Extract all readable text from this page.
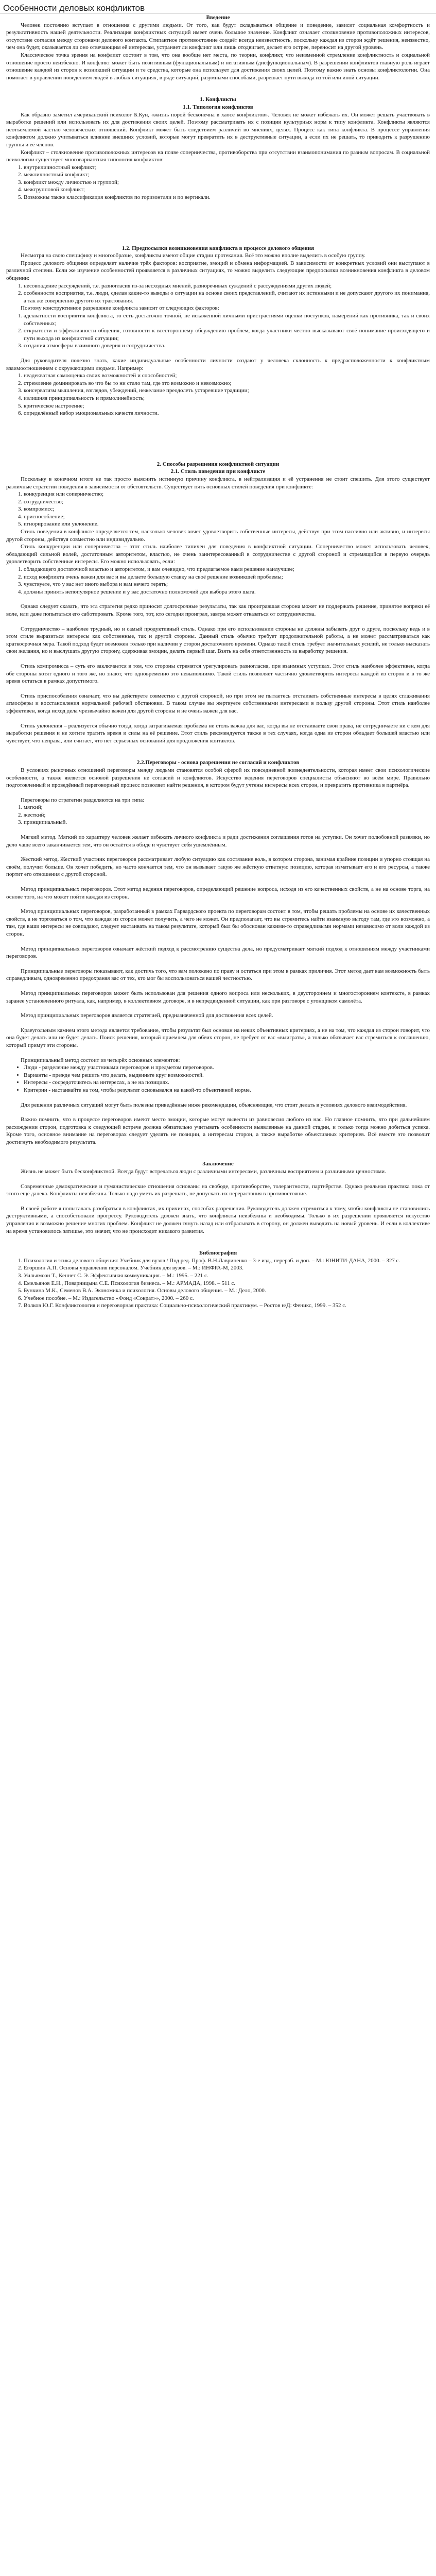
Особенности деловых конфликтов

Введение

Человек постоянно вступает в отношения с другими людьми. От того, как будут складываться общение и поведение, зависит социальная комфортность и результативность нашей деятельности. Реализация конфликтных ситуаций имеет очень большое значение. Конфликт означает столкновение противоположных интересов, отсутствие согласия между сторонами делового контакта. Стипактное противостояние создаёт всегда неизвестность, поскольку каждая из сторон ждёт решения, неизвестно, чем она будет, оказывается ли оно отвечающим её интересам, устраняет ли конфликт или лишь отодвигает, делает его острее, переносит на другой уровень.

Классическое точка зрения на конфликт состоит в том, что она вообще нет места, по теории, конфликт, что неизменной стремление конфликтность и социальной отношение просто неизбежно. И конфликт может быть позитивным (функциональным) и негативным (дисфункциональным). В разрешении конфликтов главную роль играет отношение каждой из сторон к возникшей ситуации и те средства, которые она использует для достижения своих целей. Поэтому важно знать основы конфликтологии. Она помогает в управлении поведением людей в любых ситуациях, в ряде ситуаций, разумными способами, разрешает пути выхода из той или иной ситуации.

1. Конфликты

1.1. Типология конфликтов

Как образно заметил американский психолог Б.Кун, «жизнь порой бесконечна в хаосе конфликтов». Человек не может избежать их. Он может решать участвовать в выработке решений или использовать их для достижения своих целей. Поэтому рассматривать их с позиции культурных норм к типу конфликта. Конфликты являются неотъемлемой частью человеческих отношений. Конфликт может быть следствием различий во мнениях, целях. Процесс как типа конфликта. В процессе управления конфликтом должно учитываться влияние внешних условий, которые могут превратить их в деструктивные ситуации, а если их не решать, то приводить к разрушению группы и её членов.

Конфликт – столкновение противоположных интересов на почве соперничества, противоборства при отсутствии взаимопонимания по разным вопросам. В социальной психологии существует многовариантная типология конфликтов:

1. внутриличностный конфликт;
2. межличностный конфликт;
3. конфликт между личностью и группой;
4. межгрупповой конфликт;
5. Возможны также классификация конфликтов по горизонтали и по вертикали.

1.2. Предпосылки возникновения конфликта в процессе делового общения

Несмотря на свою специфику и многообразие, конфликты имеют общие стадии протекания. Всё это можно вполне выделить в особую группу.

Процесс делового общения определяет наличие трёх факторов: восприятие, эмоций и обмена информацией. В зависимости от конкретных условий они выступают в различной степени. Если же изучение особенностей проявляется в различных ситуациях, то можно выделить следующие предпосылки возникновения конфликта в деловом общении:

1. несовпадение рассуждений, т.е. разногласия из-за несходных мнений, разноречивых суждений с рассуждениями других людей;
2. особенности восприятия, т.е. люди, сделав какие-то выводы о ситуации на основе своих представлений, считают их истинными и не допускают другого их понимания, а так же совершенно другого их трактования.

Поэтому конструктивное разрешение конфликта зависит от следующих факторов:

1. адекватности восприятия конфликта, то есть достаточно точной, не искажённой личными пристрастиями оценки поступков, намерений как противника, так и своих собственных;
2. открытости и эффективности общения, готовности к всестороннему обсуждению проблем, когда участники честно высказывают своё понимание происходящего и пути выхода из конфликтной ситуации;
3. создания атмосферы взаимного доверия и сотрудничества.

Для руководителя полезно знать, какие индивидуальные особенности личности создают у человека склонность к предрасположенности к конфликтным взаимоотношениям с окружающими людьми. Например:

1. неадекватная самооценка своих возможностей и способностей;
2. стремление доминировать во что бы то ни стало там, где это возможно и невозможно;
3. консерватизм мышления, взглядов, убеждений, нежелание преодолеть устаревшие традиции;
4. излишняя принципиальность и прямолинейность;
5. критическое настроение;
6. определённый набор эмоциональных качеств личности.

2. Способы разрешения конфликтной ситуации

2.1. Стиль поведения при конфликте

Поскольку в конечном итоге не так просто выяснить истинную причину конфликта, в нейтрализация и её устранения не стоит спешить. Для этого существует различные стратегии поведения в зависимости от обстоятельств. Существует пять основных стилей поведения при конфликте:

1. конкуренция или соперничество;
2. сотрудничество;
3. компромисс;
4. приспособление;
5. игнорирование или уклонение.

Стиль поведения в конфликте определяется тем, насколько человек хочет удовлетворить собственные интересы, действуя при этом пассивно или активно, и интересы другой стороны, действуя совместно или индивидуально.

Стиль конкуренции или соперничества – этот стиль наиболее типичен для поведения в конфликтной ситуации. Соперничество может использовать человек, обладающий сильной волей, достаточным авторитетом, властью, не очень заинтересованный в сотрудничестве с другой стороной и стремящийся в первую очередь удовлетворить собственные интересы. Его можно использовать, если:

1. обладающего достаточной властью и авторитетом, и вам очевидно, что предлагаемое вами решение наилучшее;
2. исход конфликта очень важен для вас и вы делаете большую ставку на своё решение возникшей проблемы;
3. чувствуете, что у вас нет иного выбора и вам нечего терять;
4. должны принять непопулярное решение и у вас достаточно полномочий для выбора этого шага.

Однако следует сказать, что эта стратегия редко приносит долгосрочные результаты, так как проигравшая сторона может не поддержать решение, принятое вопреки её воле, или даже попытаться его саботировать. Кроме того, тот, кто сегодня проиграл, завтра может отказаться от сотрудничества.

Сотрудничество – наиболее трудный, но и самый продуктивный стиль. Однако при его использовании стороны не должны забывать друг о друге, поскольку ведь и в этом стиле выразиться интересы как собственные, так и другой стороны. Данный стиль обычно требует продолжительной работы, а не может рассматриваться как краткосрочная мера. Такой подход будет возможен только при наличии у сторон достаточного времени. Однако такой стиль требует значительных усилий, не только высказать свои желания, но и выслушать другую сторону, сдерживая эмоции, делать первый шаг. Взять на себя ответственность за выработку решения.

Стиль компромисса – суть его заключается в том, что стороны стремятся урегулировать разногласия, при взаимных уступках. Этот стиль наиболее эффективен, когда обе стороны хотят одного и того же, но знают, что одновременно это невыполнимо. Такой стиль позволяет частично удовлетворить интересы каждой из сторон и в то же время остаться в рамках допустимого.

Стиль приспособления означает, что вы действуете совместно с другой стороной, но при этом не пытаетесь отстаивать собственные интересы в целях сглаживания атмосферы и восстановления нормальной рабочей обстановки. В таком случае вы жертвуете собственными интересами в пользу другой стороны. Этот стиль наиболее эффективен, когда исход дела чрезвычайно важен для другой стороны и не очень важен для вас.

Стиль уклонения – реализуется обычно тогда, когда затрагиваемая проблема не столь важна для вас, когда вы не отстаиваете свои права, не сотрудничаете ни с кем для выработки решения и не хотите тратить время и силы на её решение. Этот стиль рекомендуется также в тех случаях, когда одна из сторон обладает большей властью или чувствует, что неправа, или считает, что нет серьёзных оснований для продолжения контактов.

2.2.Переговоры - основа разрешения не согласий и конфликтов

В условиях рыночных отношений переговоры между людьми становятся особой сферой их повседневной жизнедеятельности, которая имеет свои психологические особенности, а также является основой разрешения не согласий и конфликтов. Искусство ведения переговоров специалисты объясняют во всём мире. Правильно подготовленный и проведённый переговорный процесс позволяет найти решения, в котором будут учтены интересы всех сторон, и превратить противника в партнёра.

Переговоры по стратегии разделяются на три типа:

1. мягкий;
2. жесткий;
3. принципиальный.

Мягкий метод. Мягкий по характеру человек желает избежать личного конфликта и ради достижения соглашения готов на уступки. Он хочет полюбовной развязки, но дело чаще всего заканчивается тем, что он остаётся в обиде и чувствует себя ущемлённым.

Жесткий метод. Жесткий участник переговоров рассматривает любую ситуацию как состязание воль, в котором сторона, занимая крайние позиции и упорно стоящая на своём, получит больше. Он хочет победить, но часто кончается тем, что он вызывает такую же жёсткую ответную позицию, которая изматывает его и его ресурсы, а также портит его отношения с другой стороной.

Метод принципиальных переговоров. Этот метод ведения переговоров, определяющий решение вопроса, исходя из его качественных свойств, а не на основе торга, на основе того, на что может пойти каждая из сторон.

Метод принципиальных переговоров, разработанный в рамках Гарвардского проекта по переговорам состоит в том, чтобы решать проблемы на основе их качественных свойств, а не торговаться о том, что каждая из сторон может получить, а чего не может. Он предполагает, что вы стремитесь найти взаимную выгоду там, где это возможно, а там, где ваши интересы не совпадают, следует настаивать на таком результате, который был бы обоснован какими-то справедливыми нормами независимо от воли каждой из сторон.

Метод принципиальных переговоров означает жёсткий подход к рассмотрению существа дела, но предусматривает мягкий подход к отношениям между участниками переговоров.

Принципиальные переговоры показывают, как достичь того, что вам положено по праву и остаться при этом в рамках приличия. Этот метод дает вам возможность быть справедливым, одновременно предохраняя вас от тех, кто мог бы воспользоваться вашей честностью.

Метод принципиальных переговоров может быть использован для решения одного вопроса или нескольких, в двустороннем и многостороннем контексте, в рамках заранее установленного ритуала, как, например, в коллективном договоре, и в непредвиденной ситуации, как при разговоре с угонщиком самолёта.

Метод принципиальных переговоров является стратегией, предназначенной для достижения всех целей.

Краеугольным камнем этого метода является требование, чтобы результат был основан на неких объективных критериях, а не на том, что каждая из сторон говорит, что она будет делать или не будет делать. Поиск решения, который приемлем для обеих сторон, не требует от вас «выиграть», а только обязывает вас стремиться к соглашению, который примут эти стороны.

Принципиальный метод состоит из четырёх основных элементов:

• Люди - разделение между участниками переговоров и предметом переговоров.
• Варианты - прежде чем решить что делать, выдвиньте круг возможностей.
• Интересы - сосредоточьтесь на интересах, а не на позициях.
• Критерии - настаивайте на том, чтобы результат основывался на какой-то объективной норме.

Для решения различных ситуаций могут быть полезны приведённые ниже рекомендации, объясняющие, что стоит делать в условиях делового взаимодействия.

Важно помнить, что в процессе переговоров имеют место эмоции, которые могут вывести из равновесия любого из нас. Но главное помнить, что при дальнейшем расхождении сторон, подготовка к следующей встрече должна обязательно учитывать особенности выявленные на данной стадии, и только тогда можно добиться успеха. Кроме того, основное внимание на переговорах следует уделять не позиции, а интересам сторон, а также выработке объективных критериев. Всё вместе это позволит достигнуть необходимого результата.

Заключение

Жизнь не может быть бесконфликтной. Всегда будут встречаться люди с различными интересами, различным восприятием и различными ценностями.

Современные демократические и гуманистические отношения основаны на свободе, противоборстве, толерантности, партнёрстве. Однако реальная практика пока от этого ещё далека. Конфликты неизбежны. Только надо уметь их разрешать, не допускать их перерастания в противостояние.

В своей работе я попыталась разобраться в конфликтах, их причинах, способах разрешения. Руководитель должен стремиться к тому, чтобы конфликты не становились деструктивными, а способствовали прогрессу. Руководитель должен знать, что конфликты неизбежны и необходимы. Только в их разрешении проявляется искусство управления и возможно решение многих проблем. Конфликт не должен тянуть назад или отбрасывать в сторону, он должен выводить на новый уровень. И если в коллективе на время установилось затишье, это значит, что не происходит никакого развития.

Библиография

1. Психология и этика делового общения: Учебник для вузов / Под ред. Проф. В.Н.Лавриненко – 3-е изд., перераб. и доп. – М.: ЮНИТИ-ДАНА, 2000. – 327 с.
2. Егоршин А.П. Основы управления персоналом. Учебник для вузов. – М.: ИНФРА-М, 2003.
3. Уильямсон Т., Кеннет С. Э. Эффективная коммуникация. – М.: 1995. – 221 с.
4. Емельянов Е.Н., Поварницына С.Е. Психология бизнеса. – М.: АРМАДА, 1998. – 511 с.
5. Бункина М.К., Семенов В.А. Экономика и психология. Основы делового общения. – М.: Дело, 2000.
6. Учебное пособие. – М.: Издательство «Фонд «Сократ»», 2000. – 260 с.
7. Волков Ю.Г. Конфликтология и переговорная практика: Социально-психологический практикум. – Ростов н/Д: Феникс, 1999. – 352 с.
